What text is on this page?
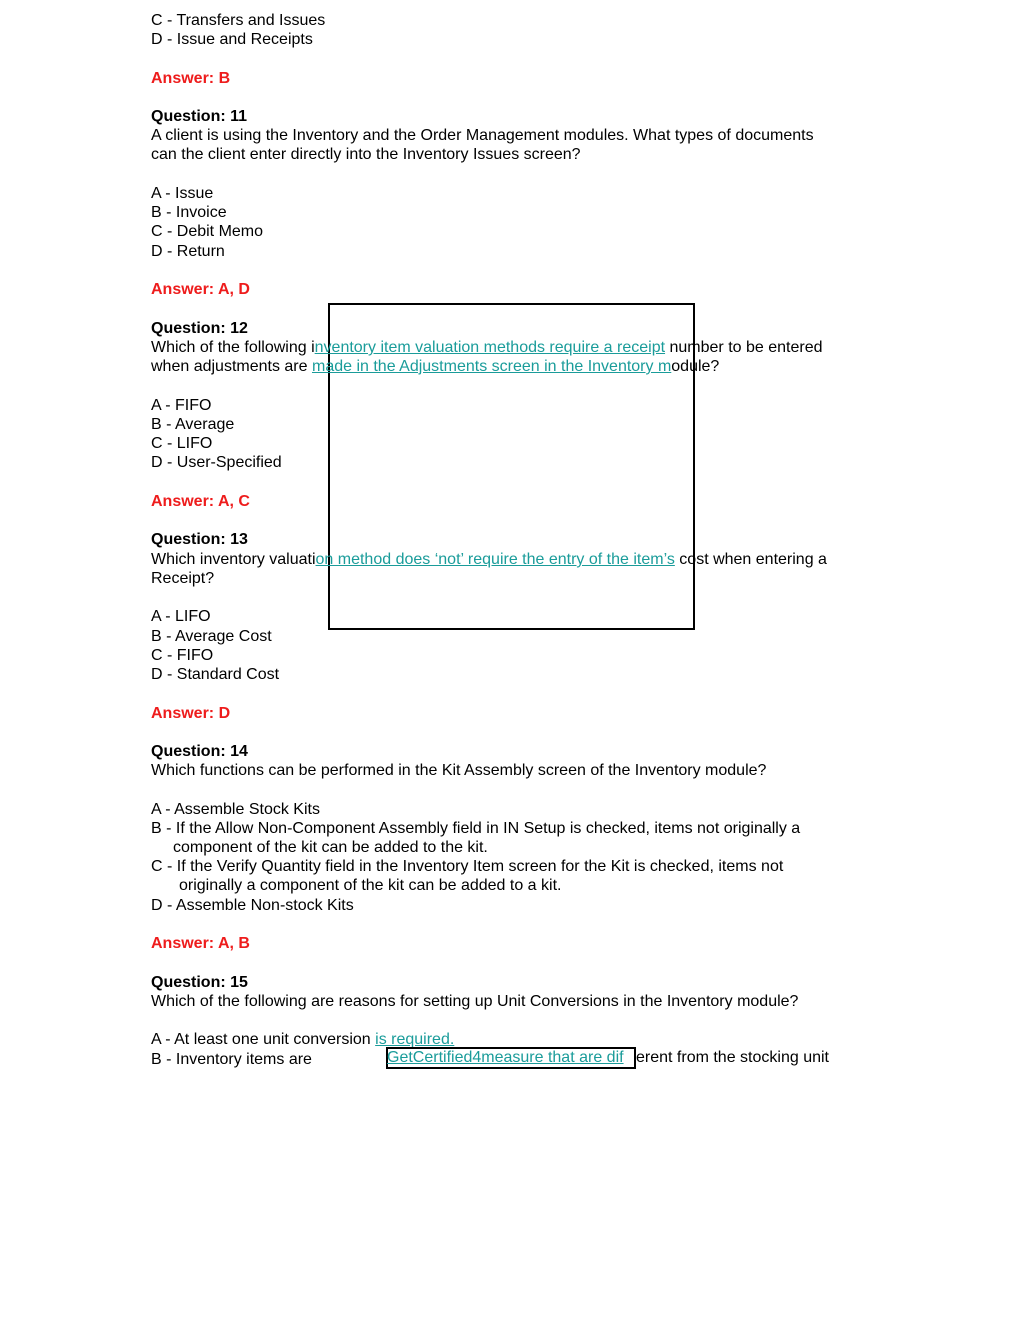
C - Transfers and Issues
D - Issue and Receipts
Answer: B
Question: 11
A client is using the Inventory and the Order Management modules. What types of documents
can the client enter directly into the Inventory Issues screen?
A - Issue
B - Invoice
C - Debit Memo
D - Return
Answer: A, D
Question: 12
Which of the following inventory item valuation methods require a receipt number to be entered
when adjustments are made in the Adjustments screen in the Inventory module?
A - FIFO
B - Average
C - LIFO
D - User-Specified
Answer: A, C
Question: 13
Which inventory valuation method does ‘not’ require the entry of the item’s cost when entering a
Receipt?
A - LIFO
B - Average Cost
C - FIFO
D - Standard Cost
Answer: D
Question: 14
Which functions can be performed in the Kit Assembly screen of the Inventory module?
A - Assemble Stock Kits
B - If the Allow Non-Component Assembly field in IN Setup is checked, items not originally a
component of the kit can be added to the kit.
C - If the Verify Quantity field in the Inventory Item screen for the Kit is checked, items not
originally a component of the kit can be added to a kit.
D - Assemble Non-stock Kits
Answer: A, B
Question: 15
Which of the following are reasons for setting up Unit Conversions in the Inventory module?
A - At least one unit conversion is required.
B - Inventory items are	GetCertified4measure that are dif erent from the stocking unit
